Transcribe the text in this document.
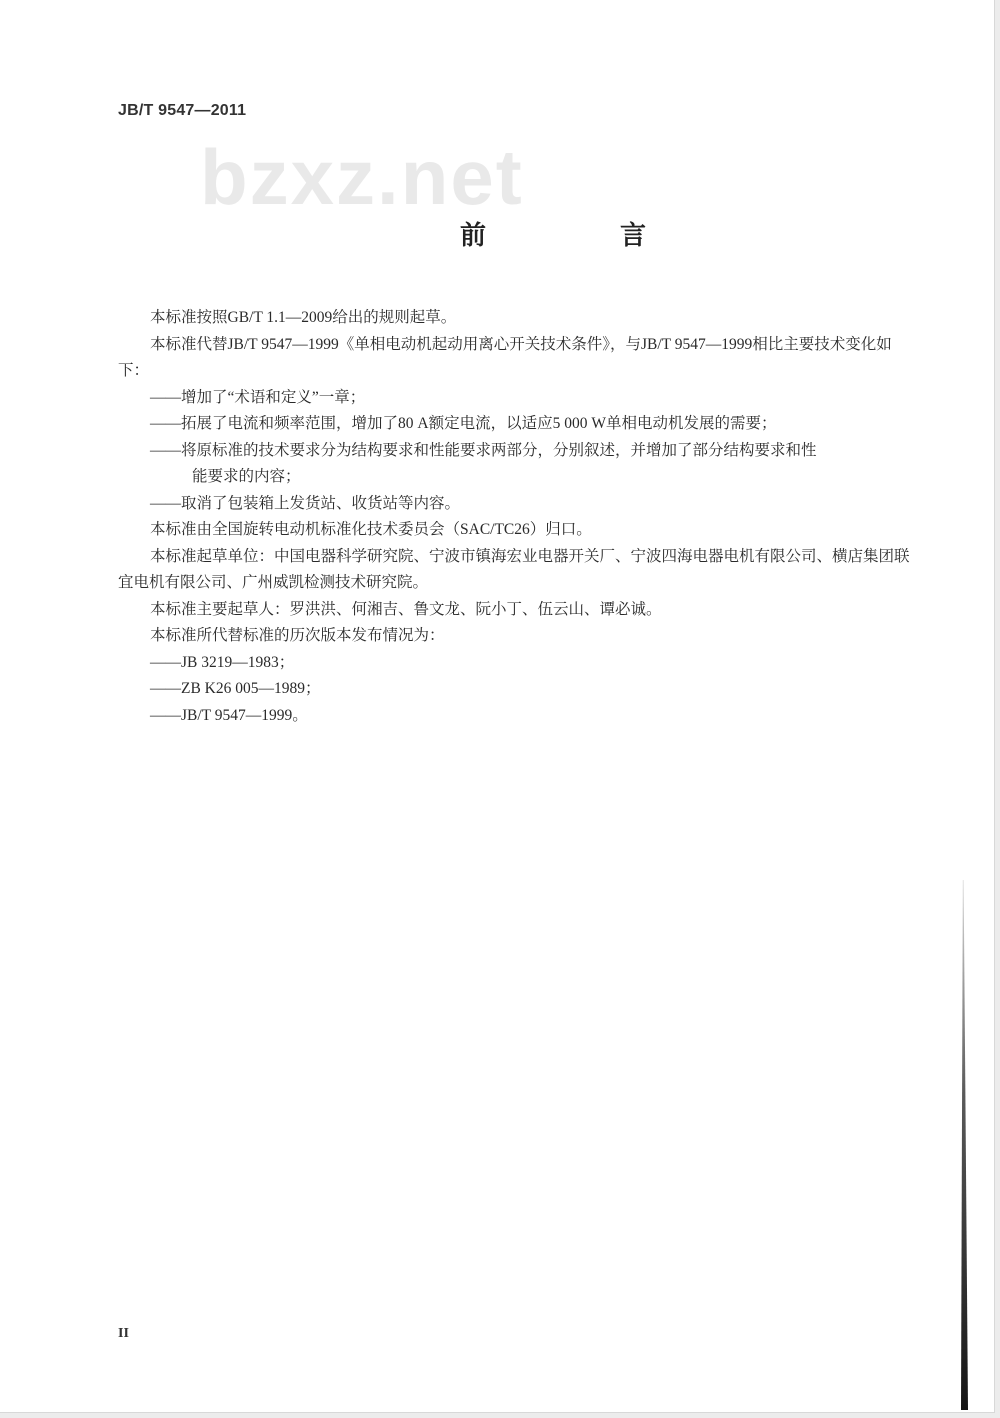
JB/T 9547—2011
bzxz.net
前　言

本标准按照GB/T 1.1—2009给出的规则起草。

本标准代替JB/T 9547—1999《单相电动机起动用离心开关技术条件》，与JB/T 9547—1999相比主要技术变化如下：

——增加了“术语和定义”一章；

——拓展了电流和频率范围，增加了80 A额定电流，以适应5 000 W单相电动机发展的需要；

——将原标准的技术要求分为结构要求和性能要求两部分，分别叙述，并增加了部分结构要求和性

能要求的内容；

——取消了包装箱上发货站、收货站等内容。

本标准由全国旋转电动机标准化技术委员会（SAC/TC26）归口。

本标准起草单位：中国电器科学研究院、宁波市镇海宏业电器开关厂、宁波四海电器电机有限公司、横店集团联宜电机有限公司、广州威凯检测技术研究院。

本标准主要起草人：罗洪洪、何湘吉、鲁文龙、阮小丁、伍云山、谭必诚。

本标准所代替标准的历次版本发布情况为：

——JB 3219—1983；

——ZB K26 005—1989；

——JB/T 9547—1999。

II
